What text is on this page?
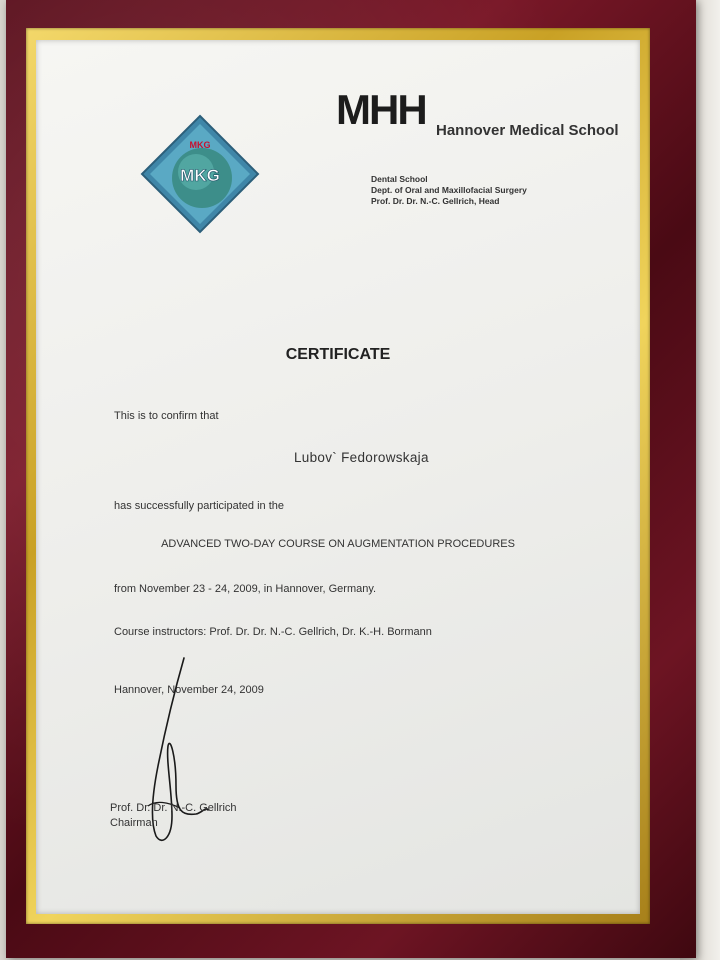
MKG
MKG
MHH Hannover Medical School
Dental School
Dept. of Oral and Maxillofacial Surgery
Prof. Dr. Dr. N.-C. Gellrich, Head
CERTIFICATE
This is to confirm that
Lubov` Fedorowskaja
has successfully participated in the
ADVANCED TWO-DAY COURSE ON AUGMENTATION PROCEDURES
from November 23 - 24, 2009, in Hannover, Germany.
Course instructors: Prof. Dr. Dr. N.-C. Gellrich, Dr. K.-H. Bormann
Hannover, November 24, 2009
Prof. Dr. Dr. N.-C. Gellrich
Chairman
